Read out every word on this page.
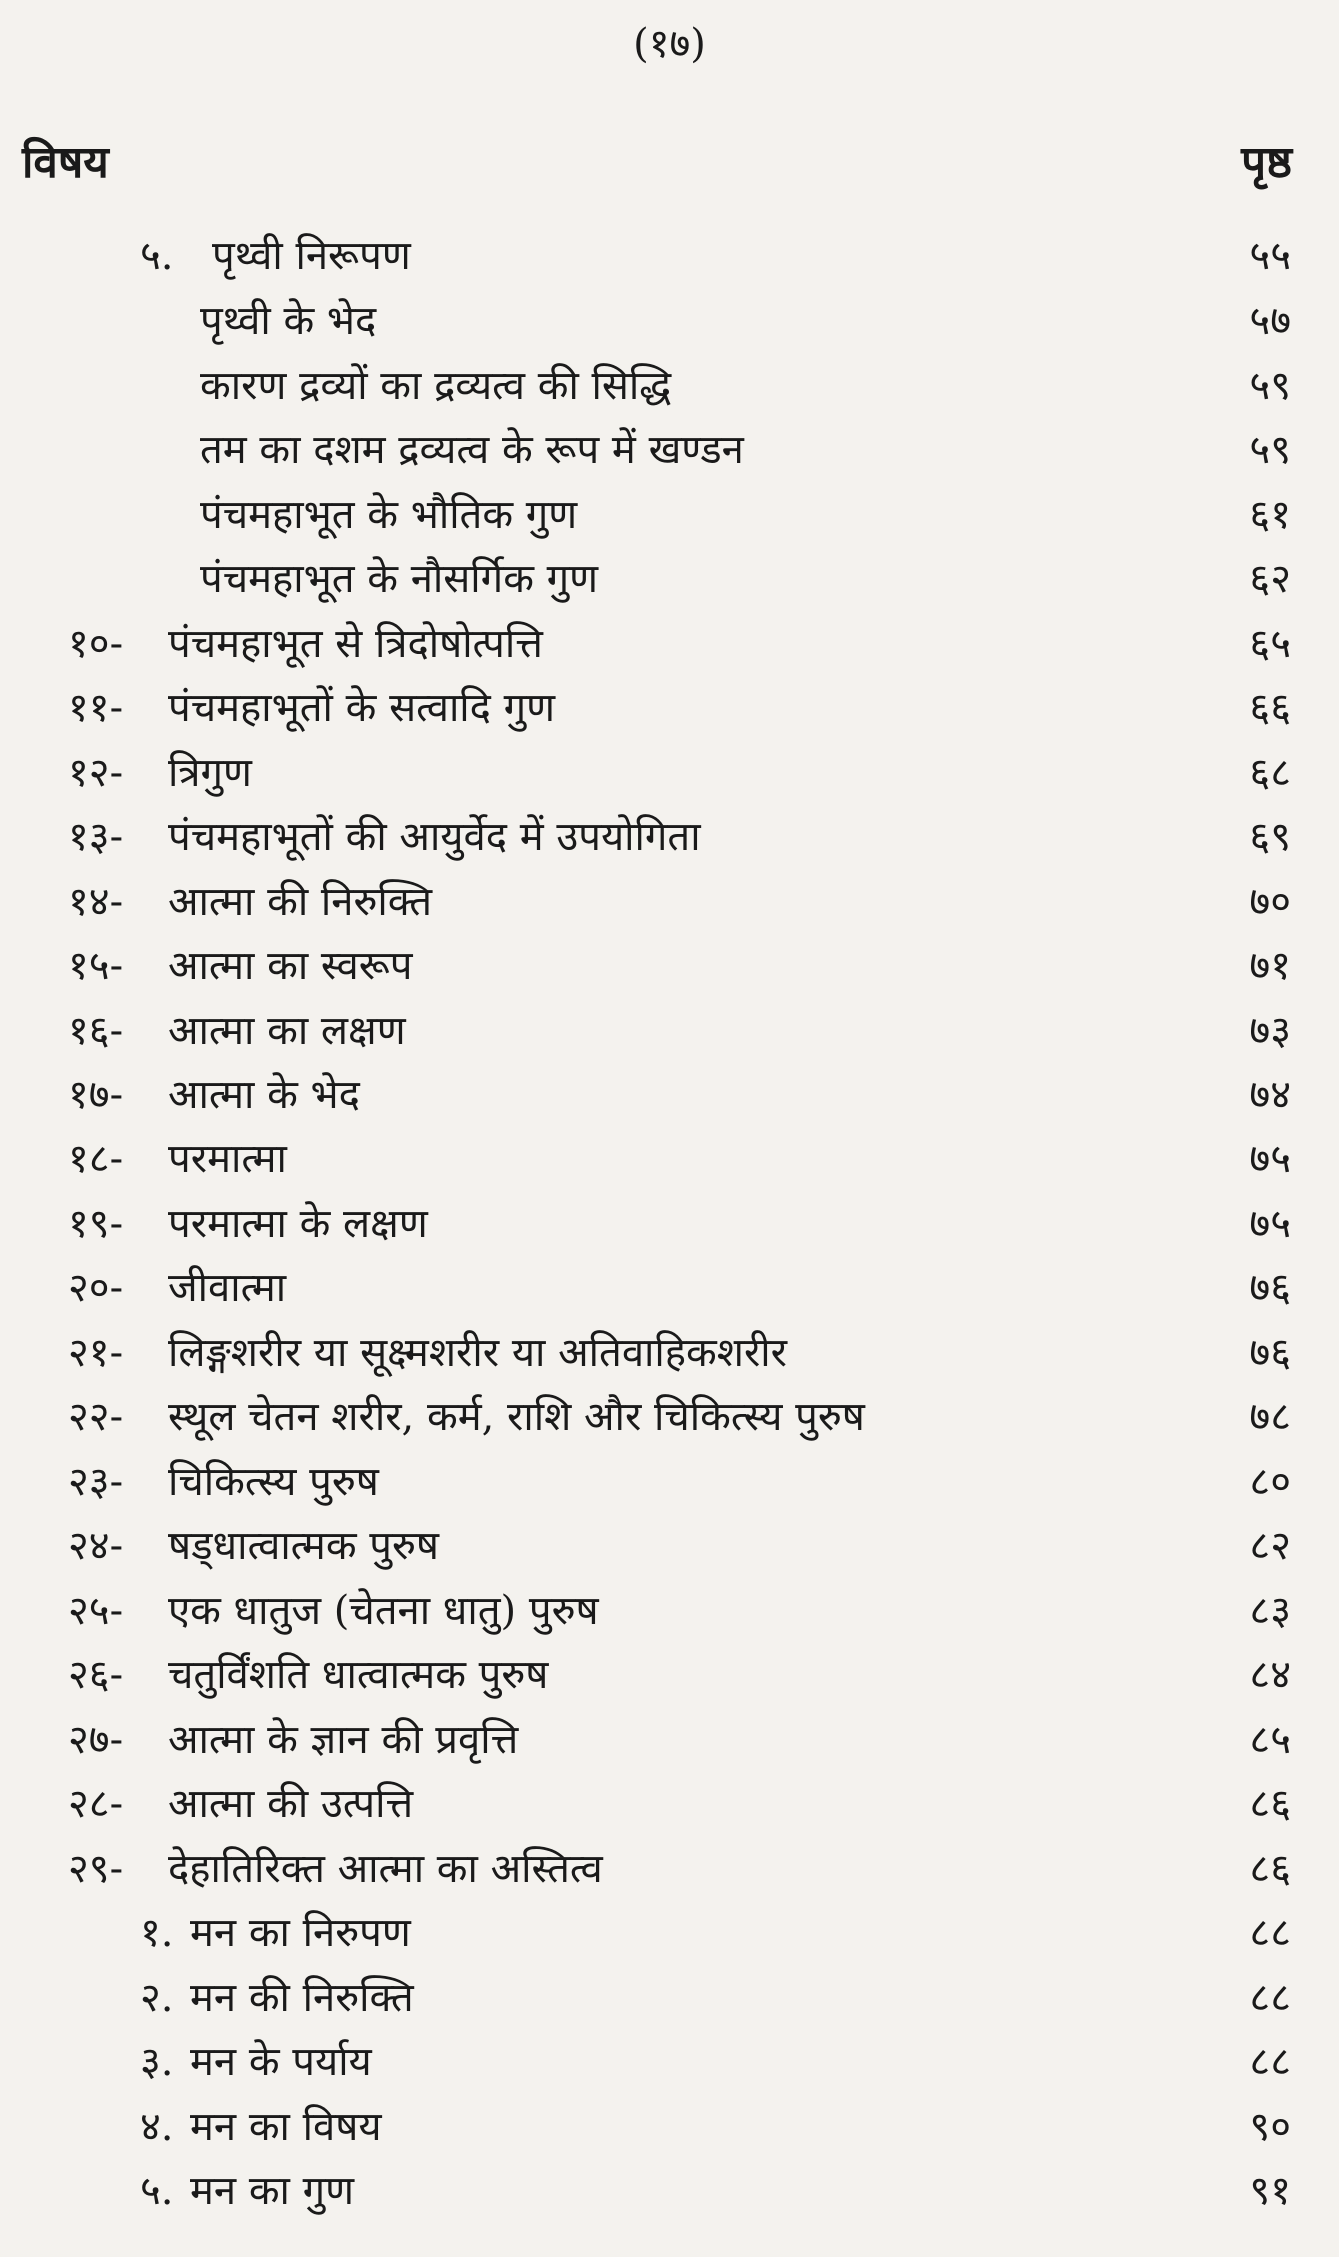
(१७)
विषय	पृष्ठ
५. पृथ्वी निरूपण	५५
पृथ्वी के भेद	५७
कारण द्रव्यों का द्रव्यत्व की सिद्धि	५९
तम का दशम द्रव्यत्व के रूप में खण्डन	५९
पंचमहाभूत के भौतिक गुण	६१
पंचमहाभूत के नौसर्गिक गुण	६२
१०- पंचमहाभूत से त्रिदोषोत्पत्ति	६५
११- पंचमहाभूतों के सत्वादि गुण	६६
१२- त्रिगुण	६८
१३- पंचमहाभूतों की आयुर्वेद में उपयोगिता	६९
१४- आत्मा की निरुक्ति	७०
१५- आत्मा का स्वरूप	७१
१६- आत्मा का लक्षण	७३
१७- आत्मा के भेद	७४
१८- परमात्मा	७५
१९- परमात्मा के लक्षण	७५
२०- जीवात्मा	७६
२१- लिङ्गशरीर या सूक्ष्मशरीर या अतिवाहिकशरीर	७६
२२- स्थूल चेतन शरीर, कर्म, राशि और चिकित्स्य पुरुष	७८
२३- चिकित्स्य पुरुष	८०
२४- षड्धात्वात्मक पुरुष	८२
२५- एक धातुज (चेतना धातु) पुरुष	८३
२६- चतुर्विंशति धात्वात्मक पुरुष	८४
२७- आत्मा के ज्ञान की प्रवृत्ति	८५
२८- आत्मा की उत्पत्ति	८६
२९- देहातिरिक्त आत्मा का अस्तित्व	८६
१. मन का निरुपण	८८
२. मन की निरुक्ति	८८
३. मन के पर्याय	८८
४. मन का विषय	९०
५. मन का गुण	९१
